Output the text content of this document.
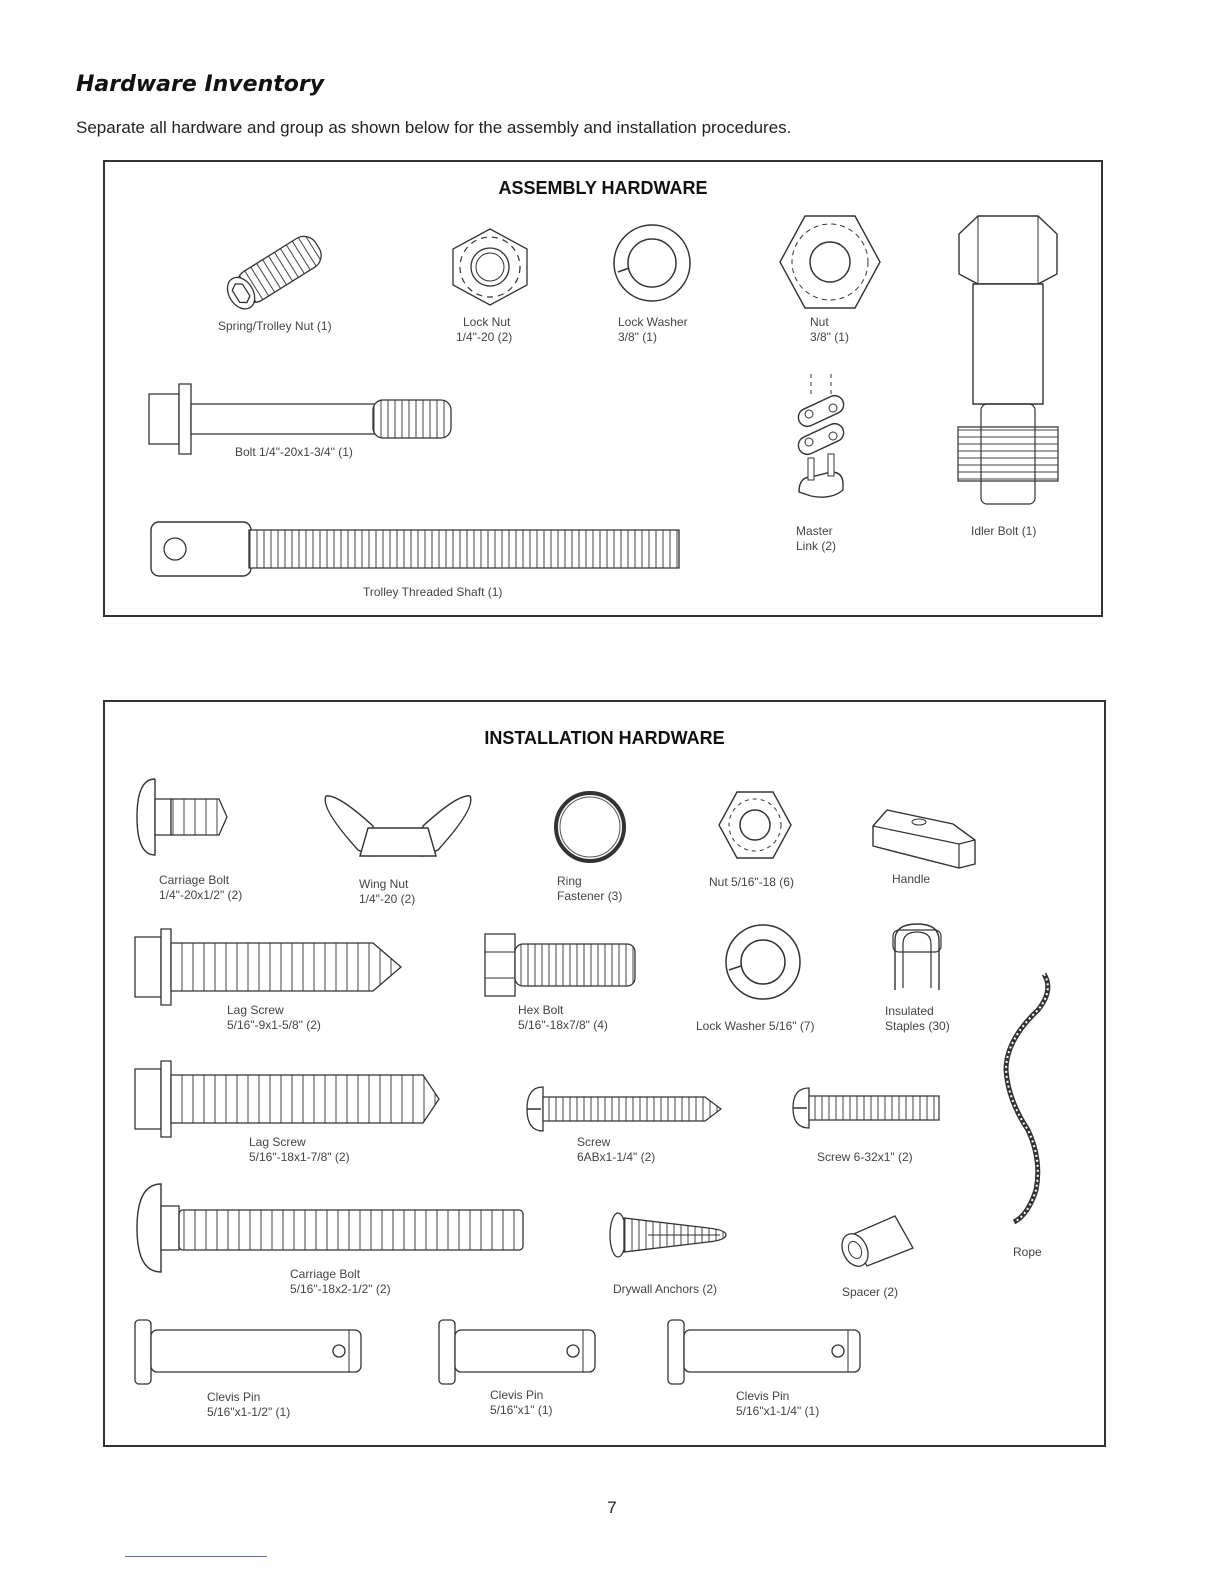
Hardware Inventory
Separate all hardware and group as shown below for the assembly and installation procedures.
ASSEMBLY HARDWARE
Spring/Trolley Nut (1)	Lock Nut
1/4"-20 (2)
Lock Washer
3/8" (1)
Nut
3/8" (1)
Idler Bolt (1)
Bolt 1/4"-20x1-3/4" (1)
Master
Link (2)
Trolley Threaded Shaft (1)
INSTALLATION HARDWARE
Carriage Bolt
1/4"-20x1/2" (2)
Wing Nut
1/4"-20 (2)
Ring
Fastener (3)
Nut 5/16"-18 (6)	Handle
Lag Screw
5/16"-9x1-5/8" (2)
Hex Bolt
5/16"-18x7/8" (4)	Lock Washer 5/16" (7)
Insulated
Staples (30)
Rope
Lag Screw
5/16"-18x1-7/8" (2)
Screw
6ABx1-1/4" (2)	Screw 6-32x1" (2)
Carriage Bolt
5/16"-18x2-1/2" (2)	Drywall Anchors (2)	Spacer (2)
Clevis Pin
5/16"x1-1/2" (1)
Clevis Pin
5/16"x1" (1)
Clevis Pin
5/16"x1-1/4" (1)
7
